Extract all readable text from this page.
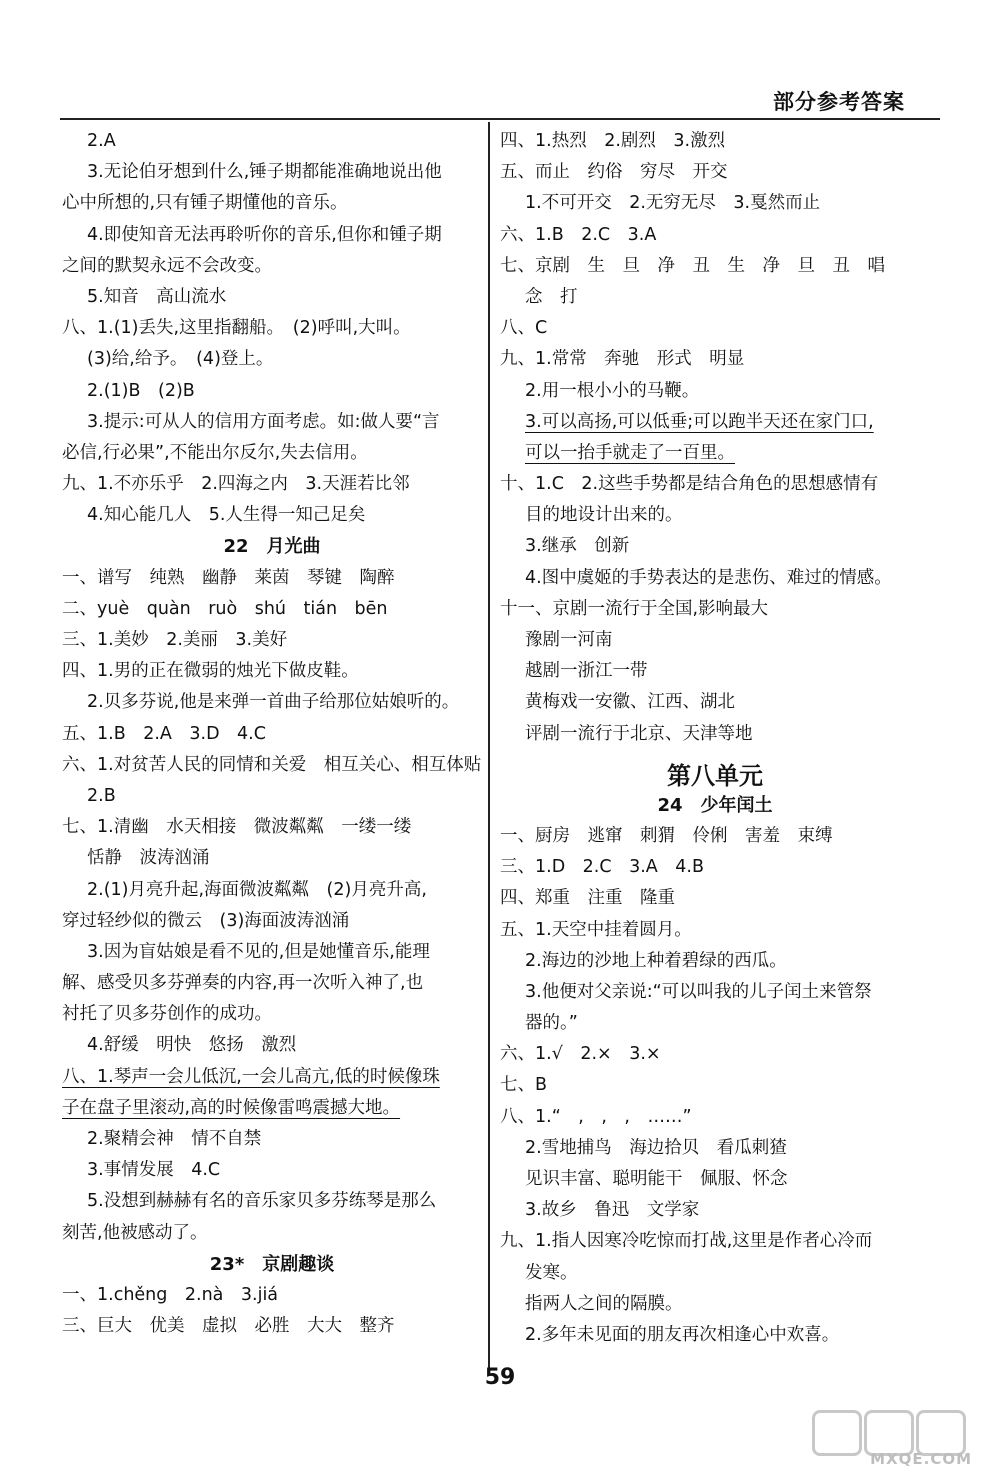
部分参考答案
2.A
3.无论伯牙想到什么,锤子期都能准确地说出他
心中所想的,只有锺子期懂他的音乐。
4.即使知音无法再聆听你的音乐,但你和锺子期
之间的默契永远不会改变。
5.知音　高山流水
八、1.(1)丢失,这里指翻船。　(2)呼叫,大叫。
(3)给,给予。　(4)登上。
2.(1)B　(2)B
3.提示:可从人的信用方面考虑。如:做人要“言
必信,行必果”,不能出尔反尔,失去信用。
九、1.不亦乐乎　2.四海之内　3.天涯若比邻
4.知心能几人　5.人生得一知己足矣
22　月光曲
一、谱写　纯熟　幽静　莱茵　琴键　陶醉
二、yuè　quàn　ruò　shú　tián　bēn
三、1.美妙　2.美丽　3.美好
四、1.男的正在微弱的烛光下做皮鞋。
2.贝多芬说,他是来弹一首曲子给那位姑娘听的。
五、1.B　2.A　3.D　4.C
六、1.对贫苦人民的同情和关爱　相互关心、相互体贴
2.B
七、1.清幽　水天相接　微波粼粼　一缕一缕
恬静　波涛汹涌
2.(1)月亮升起,海面微波粼粼　(2)月亮升高,
穿过轻纱似的微云　(3)海面波涛汹涌
3.因为盲姑娘是看不见的,但是她懂音乐,能理
解、感受贝多芬弹奏的内容,再一次听入神了,也
衬托了贝多芬创作的成功。
4.舒缓　明快　悠扬　激烈
八、1.琴声一会儿低沉,一会儿高亢,低的时候像珠
子在盘子里滚动,高的时候像雷鸣震撼大地。
2.聚精会神　情不自禁
3.事情发展　4.C
5.没想到赫赫有名的音乐家贝多芬练琴是那么
刻苦,他被感动了。
23*　京剧趣谈
一、1.chěng　2.nà　3.jiá
三、巨大　优美　虚拟　必胜　大大　整齐
四、1.热烈　2.剧烈　3.激烈
五、而止　约俗　穷尽　开交
1.不可开交　2.无穷无尽　3.戛然而止
六、1.B　2.C　3.A
七、京剧　生　旦　净　丑　生　净　旦　丑　唱
念　打
八、C
九、1.常常　奔驰　形式　明显
2.用一根小小的马鞭。
3.可以高扬,可以低垂;可以跑半天还在家门口,
可以一抬手就走了一百里。
十、1.C　2.这些手势都是结合角色的思想感情有
目的地设计出来的。
3.继承　创新
4.图中虞姬的手势表达的是悲伤、难过的情感。
十一、京剧一流行于全国,影响最大
豫剧一河南
越剧一浙江一带
黄梅戏一安徽、江西、湖北
评剧一流行于北京、天津等地
第八单元
24　少年闰土
一、厨房　逃窜　刺猬　伶俐　害羞　束缚
三、1.D　2.C　3.A　4.B
四、郑重　注重　隆重
五、1.天空中挂着圆月。
2.海边的沙地上种着碧绿的西瓜。
3.他便对父亲说:“可以叫我的儿子闰土来管祭
器的。”
六、1.√　2.×　3.×
七、B
八、1.“　,　,　,　……”
2.雪地捕鸟　海边拾贝　看瓜刺猹
见识丰富、聪明能干　佩服、怀念
3.故乡　鲁迅　文学家
九、1.指人因寒冷吃惊而打战,这里是作者心冷而
发寒。
指两人之间的隔膜。
2.多年未见面的朋友再次相逢心中欢喜。
59
MXQE.COM
